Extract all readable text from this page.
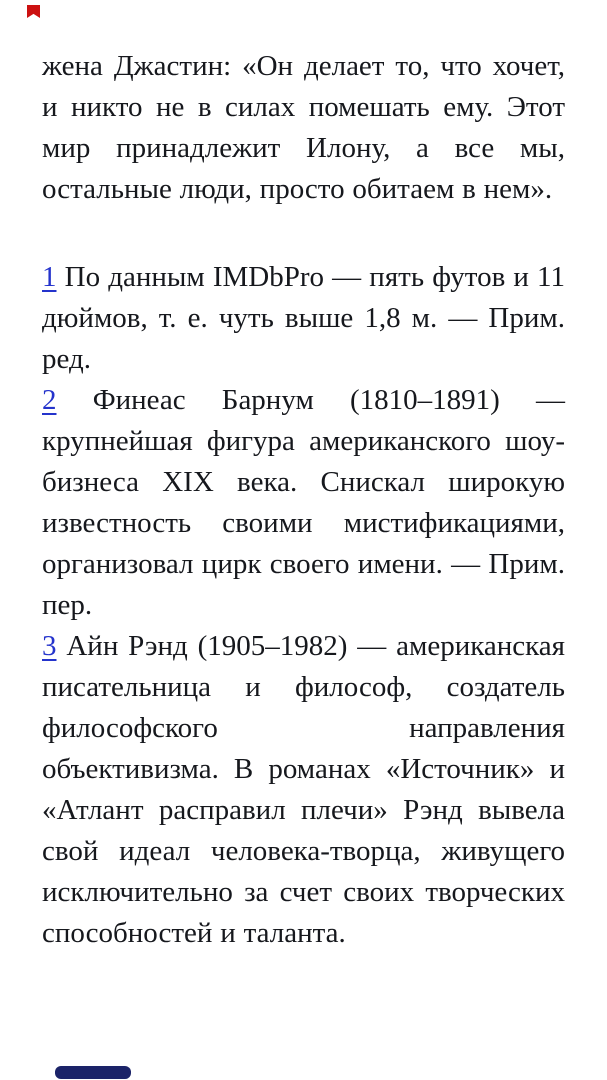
жена Джастин: «Он делает то, что хочет, и никто не в силах помешать ему. Этот мир принадлежит Илону, а все мы, остальные люди, просто обитаем в нем».

1 По данным IMDbPro — пять футов и 11 дюймов, т. е. чуть выше 1,8 м. — Прим. ред.

2 Финеас Барнум (1810–1891) — крупнейшая фигура американского шоу-бизнеса XIX века. Снискал широкую известность своими мистификациями, организовал цирк своего имени. — Прим. пер.

3 Айн Рэнд (1905–1982) — американская писательница и философ, создатель философского направления объективизма. В романах «Источник» и «Атлант расправил плечи» Рэнд вывела свой идеал человека-творца, живущего исключительно за счет своих творческих способностей и таланта.
